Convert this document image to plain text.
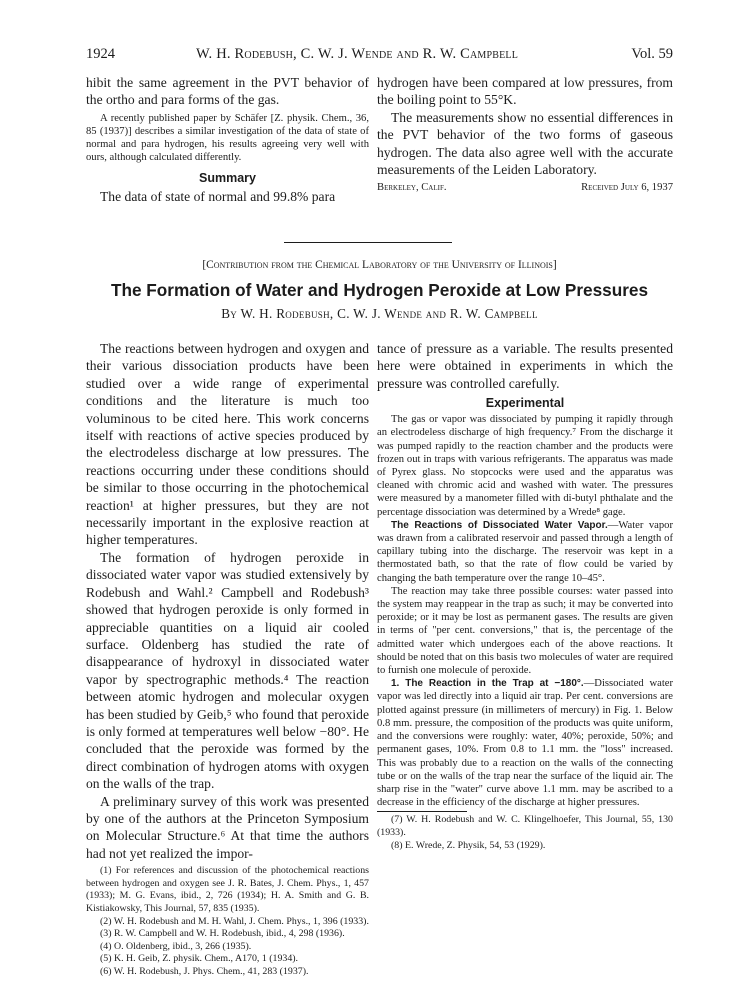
1924	W. H. Rodebush, C. W. J. Wende and R. W. Campbell	Vol. 59

hibit the same agreement in the PVT behavior of the ortho and para forms of the gas.

A recently published paper by Schäfer [Z. physik. Chem., 36, 85 (1937)] describes a similar investigation of the data of state of normal and para hydrogen, his results agreeing very well with ours, although calculated differently.

Summary

The data of state of normal and 99.8% para

hydrogen have been compared at low pressures, from the boiling point to 55°K.

The measurements show no essential differences in the PVT behavior of the two forms of gaseous hydrogen. The data also agree well with the accurate measurements of the Leiden Laboratory.

Berkeley, Calif.	Received July 6, 1937
[Contribution from the Chemical Laboratory of the University of Illinois]
The Formation of Water and Hydrogen Peroxide at Low Pressures
By W. H. Rodebush, C. W. J. Wende and R. W. Campbell

The reactions between hydrogen and oxygen and their various dissociation products have been studied over a wide range of experimental conditions and the literature is much too voluminous to be cited here. This work concerns itself with reactions of active species produced by the electrodeless discharge at low pressures. The reactions occurring under these conditions should be similar to those occurring in the photochemical reaction¹ at higher pressures, but they are not necessarily important in the explosive reaction at higher temperatures.

The formation of hydrogen peroxide in dissociated water vapor was studied extensively by Rodebush and Wahl.² Campbell and Rodebush³ showed that hydrogen peroxide is only formed in appreciable quantities on a liquid air cooled surface. Oldenberg has studied the rate of disappearance of hydroxyl in dissociated water vapor by spectrographic methods.⁴ The reaction between atomic hydrogen and molecular oxygen has been studied by Geib,⁵ who found that peroxide is only formed at temperatures well below −80°. He concluded that the peroxide was formed by the direct combination of hydrogen atoms with oxygen on the walls of the trap.

A preliminary survey of this work was presented by one of the authors at the Princeton Symposium on Molecular Structure.⁶ At that time the authors had not yet realized the impor-

(1) For references and discussion of the photochemical reactions between hydrogen and oxygen see J. R. Bates, J. Chem. Phys., 1, 457 (1933); M. G. Evans, ibid., 2, 726 (1934); H. A. Smith and G. B. Kistiakowsky, This Journal, 57, 835 (1935).

(2) W. H. Rodebush and M. H. Wahl, J. Chem. Phys., 1, 396 (1933).

(3) R. W. Campbell and W. H. Rodebush, ibid., 4, 298 (1936).

(4) O. Oldenberg, ibid., 3, 266 (1935).

(5) K. H. Geib, Z. physik. Chem., A170, 1 (1934).

(6) W. H. Rodebush, J. Phys. Chem., 41, 283 (1937).

tance of pressure as a variable. The results presented here were obtained in experiments in which the pressure was controlled carefully.

Experimental

The gas or vapor was dissociated by pumping it rapidly through an electrodeless discharge of high frequency.⁷ From the discharge it was pumped rapidly to the reaction chamber and the products were frozen out in traps with various refrigerants. The apparatus was made of Pyrex glass. No stopcocks were used and the apparatus was cleaned with chromic acid and washed with water. The pressures were measured by a manometer filled with di-butyl phthalate and the percentage dissociation was determined by a Wrede⁸ gage.

The Reactions of Dissociated Water Vapor.—Water vapor was drawn from a calibrated reservoir and passed through a length of capillary tubing into the discharge. The reservoir was kept in a thermostated bath, so that the rate of flow could be varied by changing the bath temperature over the range 10–45°.

The reaction may take three possible courses: water passed into the system may reappear in the trap as such; it may be converted into peroxide; or it may be lost as permanent gases. The results are given in terms of "per cent. conversions," that is, the percentage of the admitted water which undergoes each of the above reactions. It should be noted that on this basis two molecules of water are required to furnish one molecule of peroxide.

1. The Reaction in the Trap at −180°.—Dissociated water vapor was led directly into a liquid air trap. Per cent. conversions are plotted against pressure (in millimeters of mercury) in Fig. 1. Below 0.8 mm. pressure, the composition of the products was quite uniform, and the conversions were roughly: water, 40%; peroxide, 50%; and permanent gases, 10%. From 0.8 to 1.1 mm. the "loss" increased. This was probably due to a reaction on the walls of the connecting tube or on the walls of the trap near the surface of the liquid air. The sharp rise in the "water" curve above 1.1 mm. may be ascribed to a decrease in the efficiency of the discharge at higher pressures.

(7) W. H. Rodebush and W. C. Klingelhoefer, This Journal, 55, 130 (1933).

(8) E. Wrede, Z. Physik, 54, 53 (1929).
